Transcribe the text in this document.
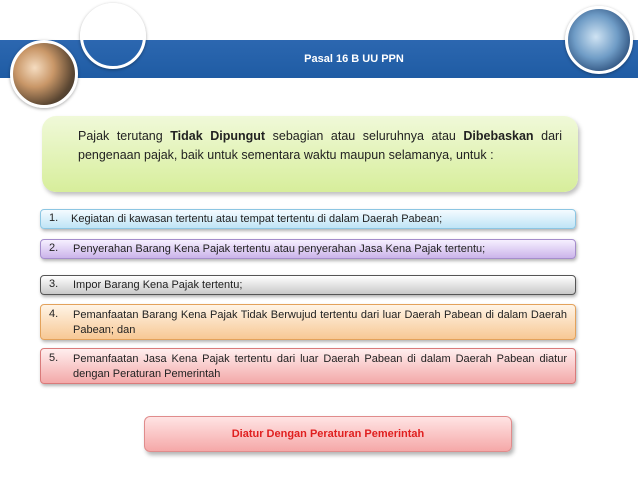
Pasal 16 B UU PPN
Pajak terutang Tidak Dipungut sebagian atau seluruhnya atau Dibebaskan dari pengenaan pajak, baik untuk sementara waktu maupun selamanya, untuk :
1.	Kegiatan di kawasan tertentu atau tempat tertentu di dalam Daerah Pabean;
2.	Penyerahan Barang Kena Pajak tertentu atau penyerahan Jasa Kena Pajak tertentu;
3.	Impor Barang Kena Pajak tertentu;
4.	Pemanfaatan Barang Kena Pajak Tidak Berwujud tertentu dari luar Daerah Pabean di dalam Daerah Pabean; dan
5.	Pemanfaatan Jasa Kena Pajak tertentu dari luar Daerah Pabean di dalam Daerah Pabean diatur dengan Peraturan Pemerintah
Diatur Dengan Peraturan Pemerintah
